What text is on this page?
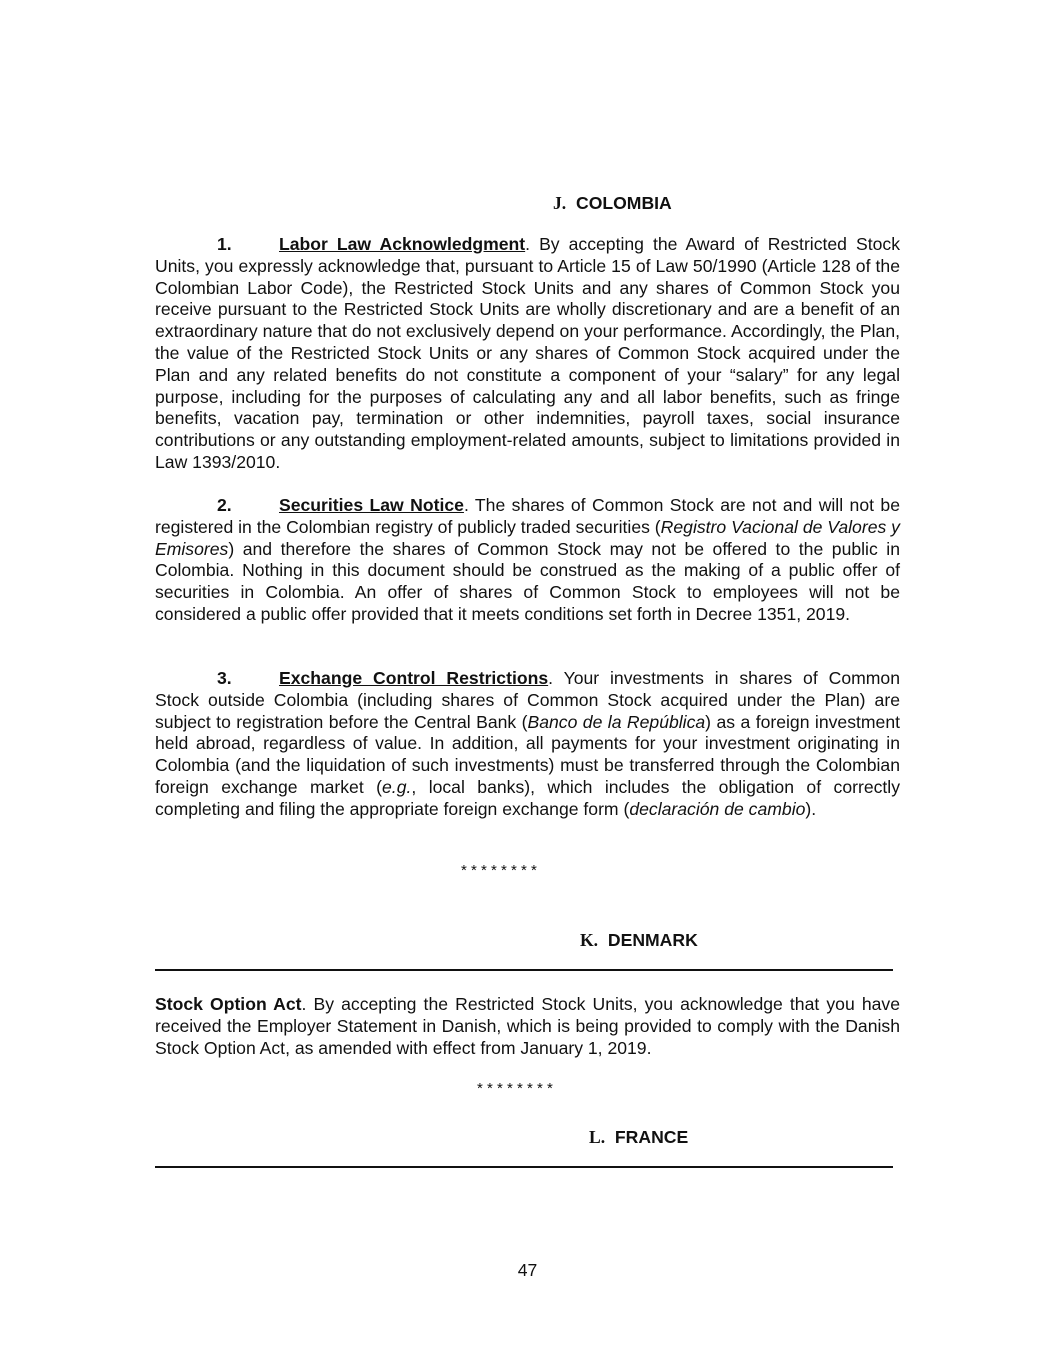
J. COLOMBIA

1.	Labor Law Acknowledgment. By accepting the Award of Restricted Stock Units, you expressly acknowledge that, pursuant to Article 15 of Law 50/1990 (Article 128 of the Colombian Labor Code), the Restricted Stock Units and any shares of Common Stock you receive pursuant to the Restricted Stock Units are wholly discretionary and are a benefit of an extraordinary nature that do not exclusively depend on your performance. Accordingly, the Plan, the value of the Restricted Stock Units or any shares of Common Stock acquired under the Plan and any related benefits do not constitute a component of your “salary” for any legal purpose, including for the purposes of calculating any and all labor benefits, such as fringe benefits, vacation pay, termination or other indemnities, payroll taxes, social insurance contributions or any outstanding employment-related amounts, subject to limitations provided in Law 1393/2010.

2.	Securities Law Notice. The shares of Common Stock are not and will not be registered in the Colombian registry of publicly traded securities (Registro Vacional de Valores y Emisores) and therefore the shares of Common Stock may not be offered to the public in Colombia. Nothing in this document should be construed as the making of a public offer of securities in Colombia. An offer of shares of Common Stock to employees will not be considered a public offer provided that it meets conditions set forth in Decree 1351, 2019.

3.	Exchange Control Restrictions. Your investments in shares of Common Stock outside Colombia (including shares of Common Stock acquired under the Plan) are subject to registration before the Central Bank (Banco de la República) as a foreign investment held abroad, regardless of value. In addition, all payments for your investment originating in Colombia (and the liquidation of such investments) must be transferred through the Colombian foreign exchange market (e.g., local banks), which includes the obligation of correctly completing and filing the appropriate foreign exchange form (declaración de cambio).

* * * * * * * *
K. DENMARK

Stock Option Act. By accepting the Restricted Stock Units, you acknowledge that you have received the Employer Statement in Danish, which is being provided to comply with the Danish Stock Option Act, as amended with effect from January 1, 2019.

* * * * * * * *
L. FRANCE
47
